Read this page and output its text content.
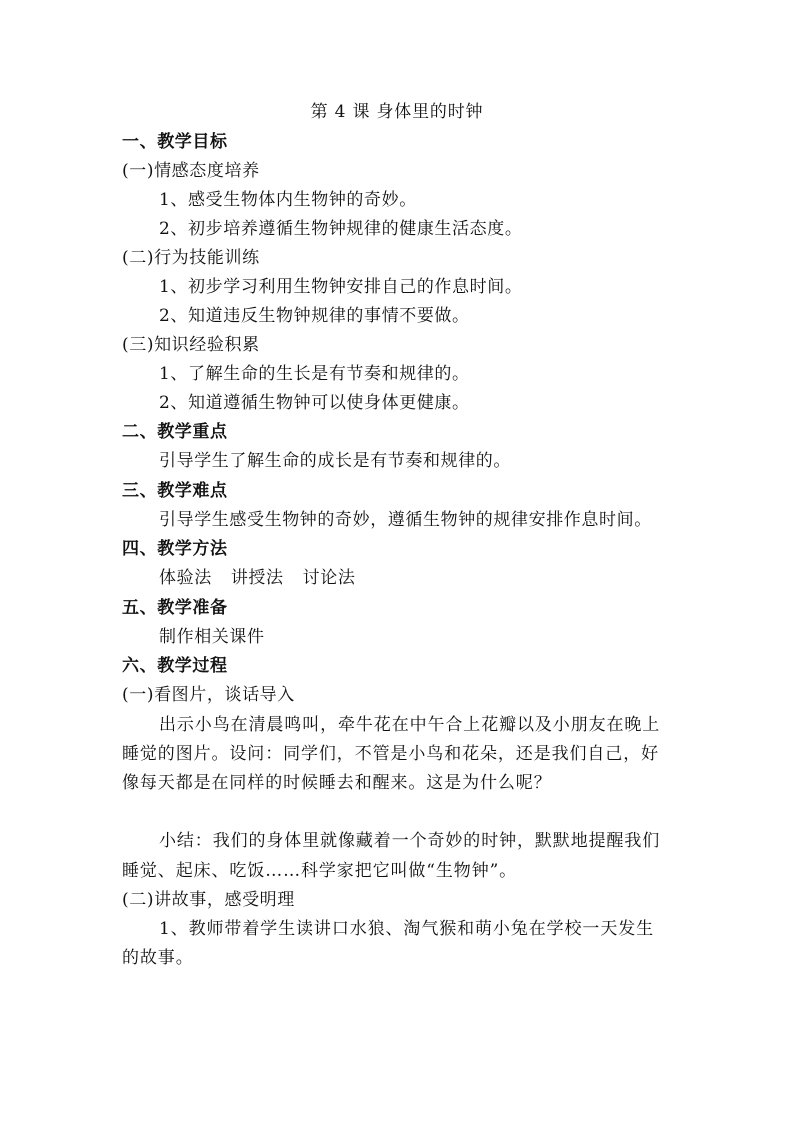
第 4 课 身体里的时钟
一、教学目标
(一)情感态度培养
1、感受生物体内生物钟的奇妙。
2、初步培养遵循生物钟规律的健康生活态度。
(二)行为技能训练
1、初步学习利用生物钟安排自己的作息时间。
2、知道违反生物钟规律的事情不要做。
(三)知识经验积累
1、了解生命的生长是有节奏和规律的。
2、知道遵循生物钟可以使身体更健康。
二、教学重点
引导学生了解生命的成长是有节奏和规律的。
三、教学难点
引导学生感受生物钟的奇妙，遵循生物钟的规律安排作息时间。
四、教学方法
体验法 讲授法 讨论法
五、教学准备
制作相关课件
六、教学过程
(一)看图片，谈话导入
出示小鸟在清晨鸣叫，牵牛花在中午合上花瓣以及小朋友在晚上
睡觉的图片。设问：同学们，不管是小鸟和花朵，还是我们自己，好
像每天都是在同样的时候睡去和醒来。这是为什么呢？
小结：我们的身体里就像藏着一个奇妙的时钟，默默地提醒我们
睡觉、起床、吃饭……科学家把它叫做“生物钟”。
(二)讲故事，感受明理
1、教师带着学生读讲口水狼、淘气猴和萌小兔在学校一天发生
的故事。
